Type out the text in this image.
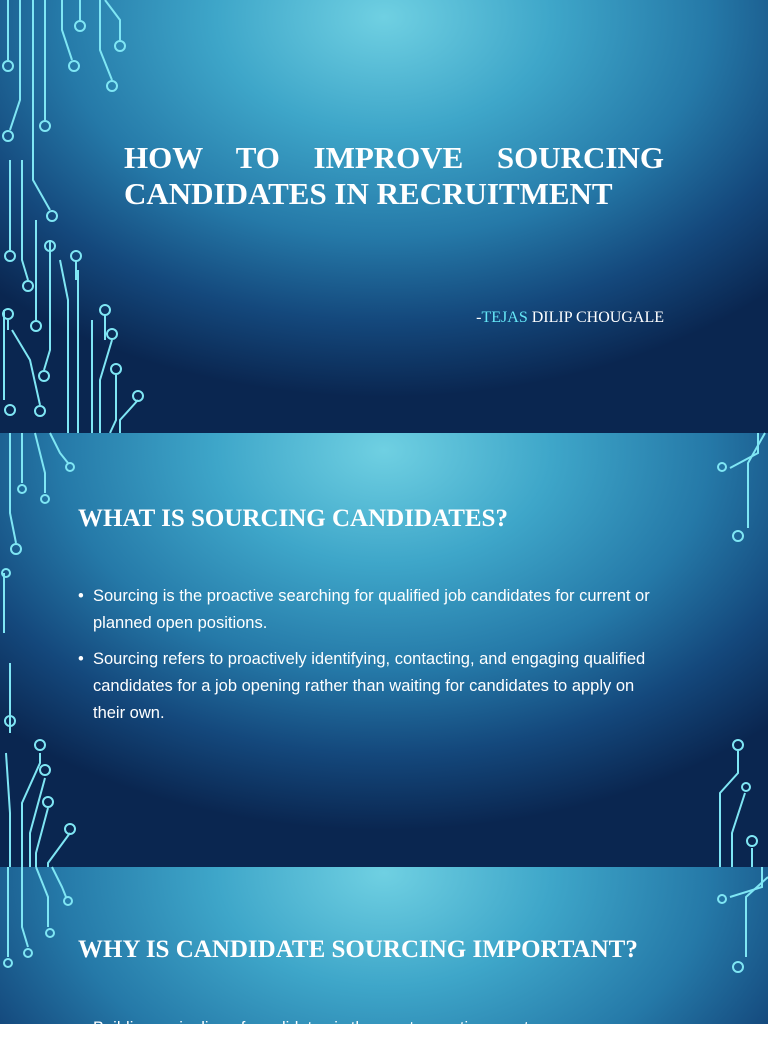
HOW TO IMPROVE SOURCING CANDIDATES IN RECRUITMENT
-TEJAS DILIP CHOUGALE
WHAT IS SOURCING CANDIDATES?
• Sourcing is the proactive searching for qualified job candidates for current or planned open positions.
• Sourcing refers to proactively identifying, contacting, and engaging qualified candidates for a job opening rather than waiting for candidates to apply on their own.
WHY IS CANDIDATE SOURCING IMPORTANT?
• Building a pipeline of candidates is the most proactive way to manage
